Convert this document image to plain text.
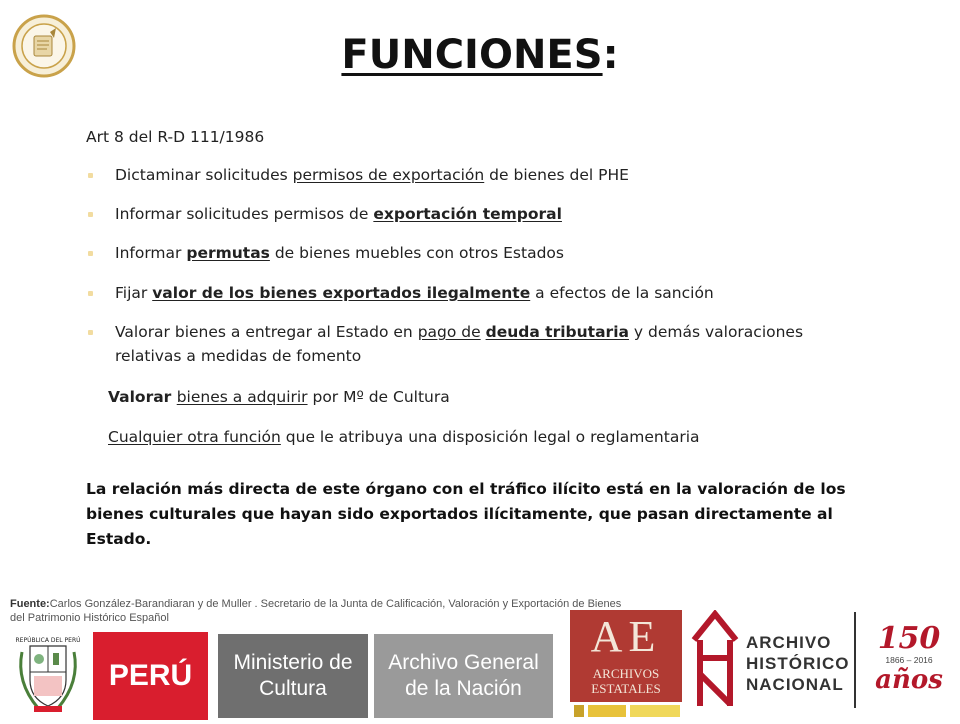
FUNCIONES:
Art 8 del R-D 111/1986
Dictaminar solicitudes permisos de exportación de bienes del PHE
Informar solicitudes permisos de exportación temporal
Informar permutas de bienes muebles con otros Estados
Fijar valor de los bienes exportados ilegalmente a efectos de la sanción
Valorar bienes a entregar al Estado en pago de deuda tributaria y demás valoraciones
relativas a medidas de fomento
Valorar bienes a adquirir por Mº de Cultura
Cualquier otra función que le atribuya una disposición legal o reglamentaria
La relación más directa de este órgano con el tráfico ilícito está en la valoración de los bienes culturales que hayan sido exportados ilícitamente, que pasan directamente al Estado.
Fuente:Carlos González-Barandiaran y de Muller . Secretario de la Junta de Calificación, Valoración y Exportación de Bienes del Patrimonio Histórico Español
REPÚBLICA DEL PERÚ
PERÚ Ministerio de
Cultura
Archivo General
de la Nación
AE
ARCHIVOS
ESTATALES
ARCHIVO
HISTÓRICO
NACIONAL
150
1866 – 2016
años
